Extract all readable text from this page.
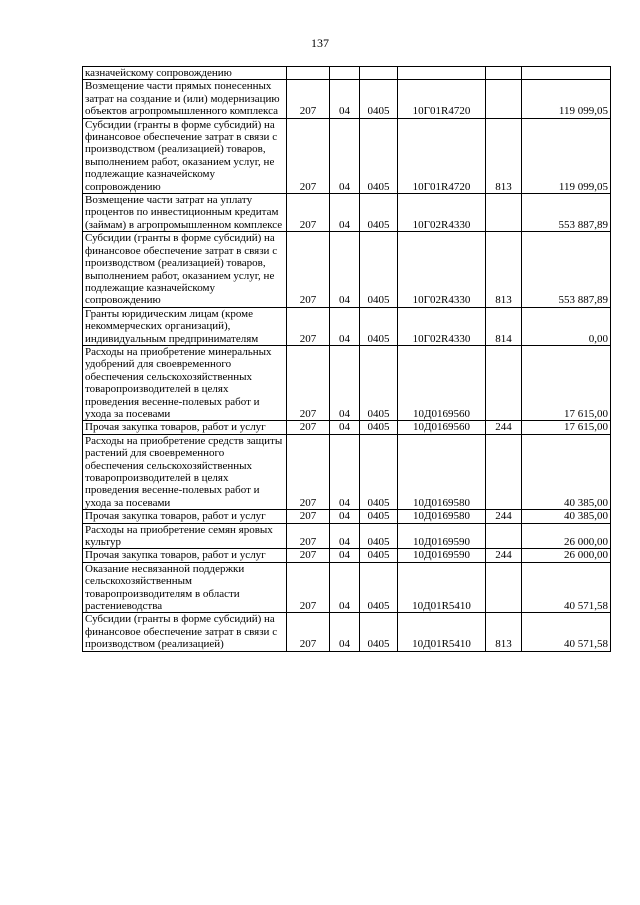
137
казначейскому сопровождению						
Возмещение части прямых понесенных затрат на создание и (или) модернизацию объектов агропромышленного комплекса	207	04	0405	10Г01R4720		119 099,05
Субсидии (гранты в форме субсидий) на финансовое обеспечение затрат в связи с производством (реализацией) товаров, выполнением работ, оказанием услуг, не подлежащие казначейскому сопровождению	207	04	0405	10Г01R4720	813	119 099,05
Возмещение части затрат на уплату процентов по инвестиционным кредитам (займам) в агропромышленном комплексе	207	04	0405	10Г02R4330		553 887,89
Субсидии (гранты в форме субсидий) на финансовое обеспечение затрат в связи с производством (реализацией) товаров, выполнением работ, оказанием услуг, не подлежащие казначейскому сопровождению	207	04	0405	10Г02R4330	813	553 887,89
Гранты юридическим лицам (кроме некоммерческих организаций), индивидуальным предпринимателям	207	04	0405	10Г02R4330	814	0,00
Расходы на приобретение минеральных удобрений для своевременного обеспечения сельскохозяйственных товаропроизводителей в целях проведения весенне-полевых работ и ухода за посевами	207	04	0405	10Д0169560		17 615,00
Прочая закупка товаров, работ и услуг	207	04	0405	10Д0169560	244	17 615,00
Расходы на приобретение средств защиты растений для своевременного обеспечения сельскохозяйственных товаропроизводителей в целях проведения весенне-полевых работ и ухода за посевами	207	04	0405	10Д0169580		40 385,00
Прочая закупка товаров, работ и услуг	207	04	0405	10Д0169580	244	40 385,00
Расходы на приобретение семян яровых культур	207	04	0405	10Д0169590		26 000,00
Прочая закупка товаров, работ и услуг	207	04	0405	10Д0169590	244	26 000,00
Оказание несвязанной поддержки сельскохозяйственным товаропроизводителям в области растениеводства	207	04	0405	10Д01R5410		40 571,58
Субсидии (гранты в форме субсидий) на финансовое обеспечение затрат в связи с производством (реализацией)	207	04	0405	10Д01R5410	813	40 571,58
